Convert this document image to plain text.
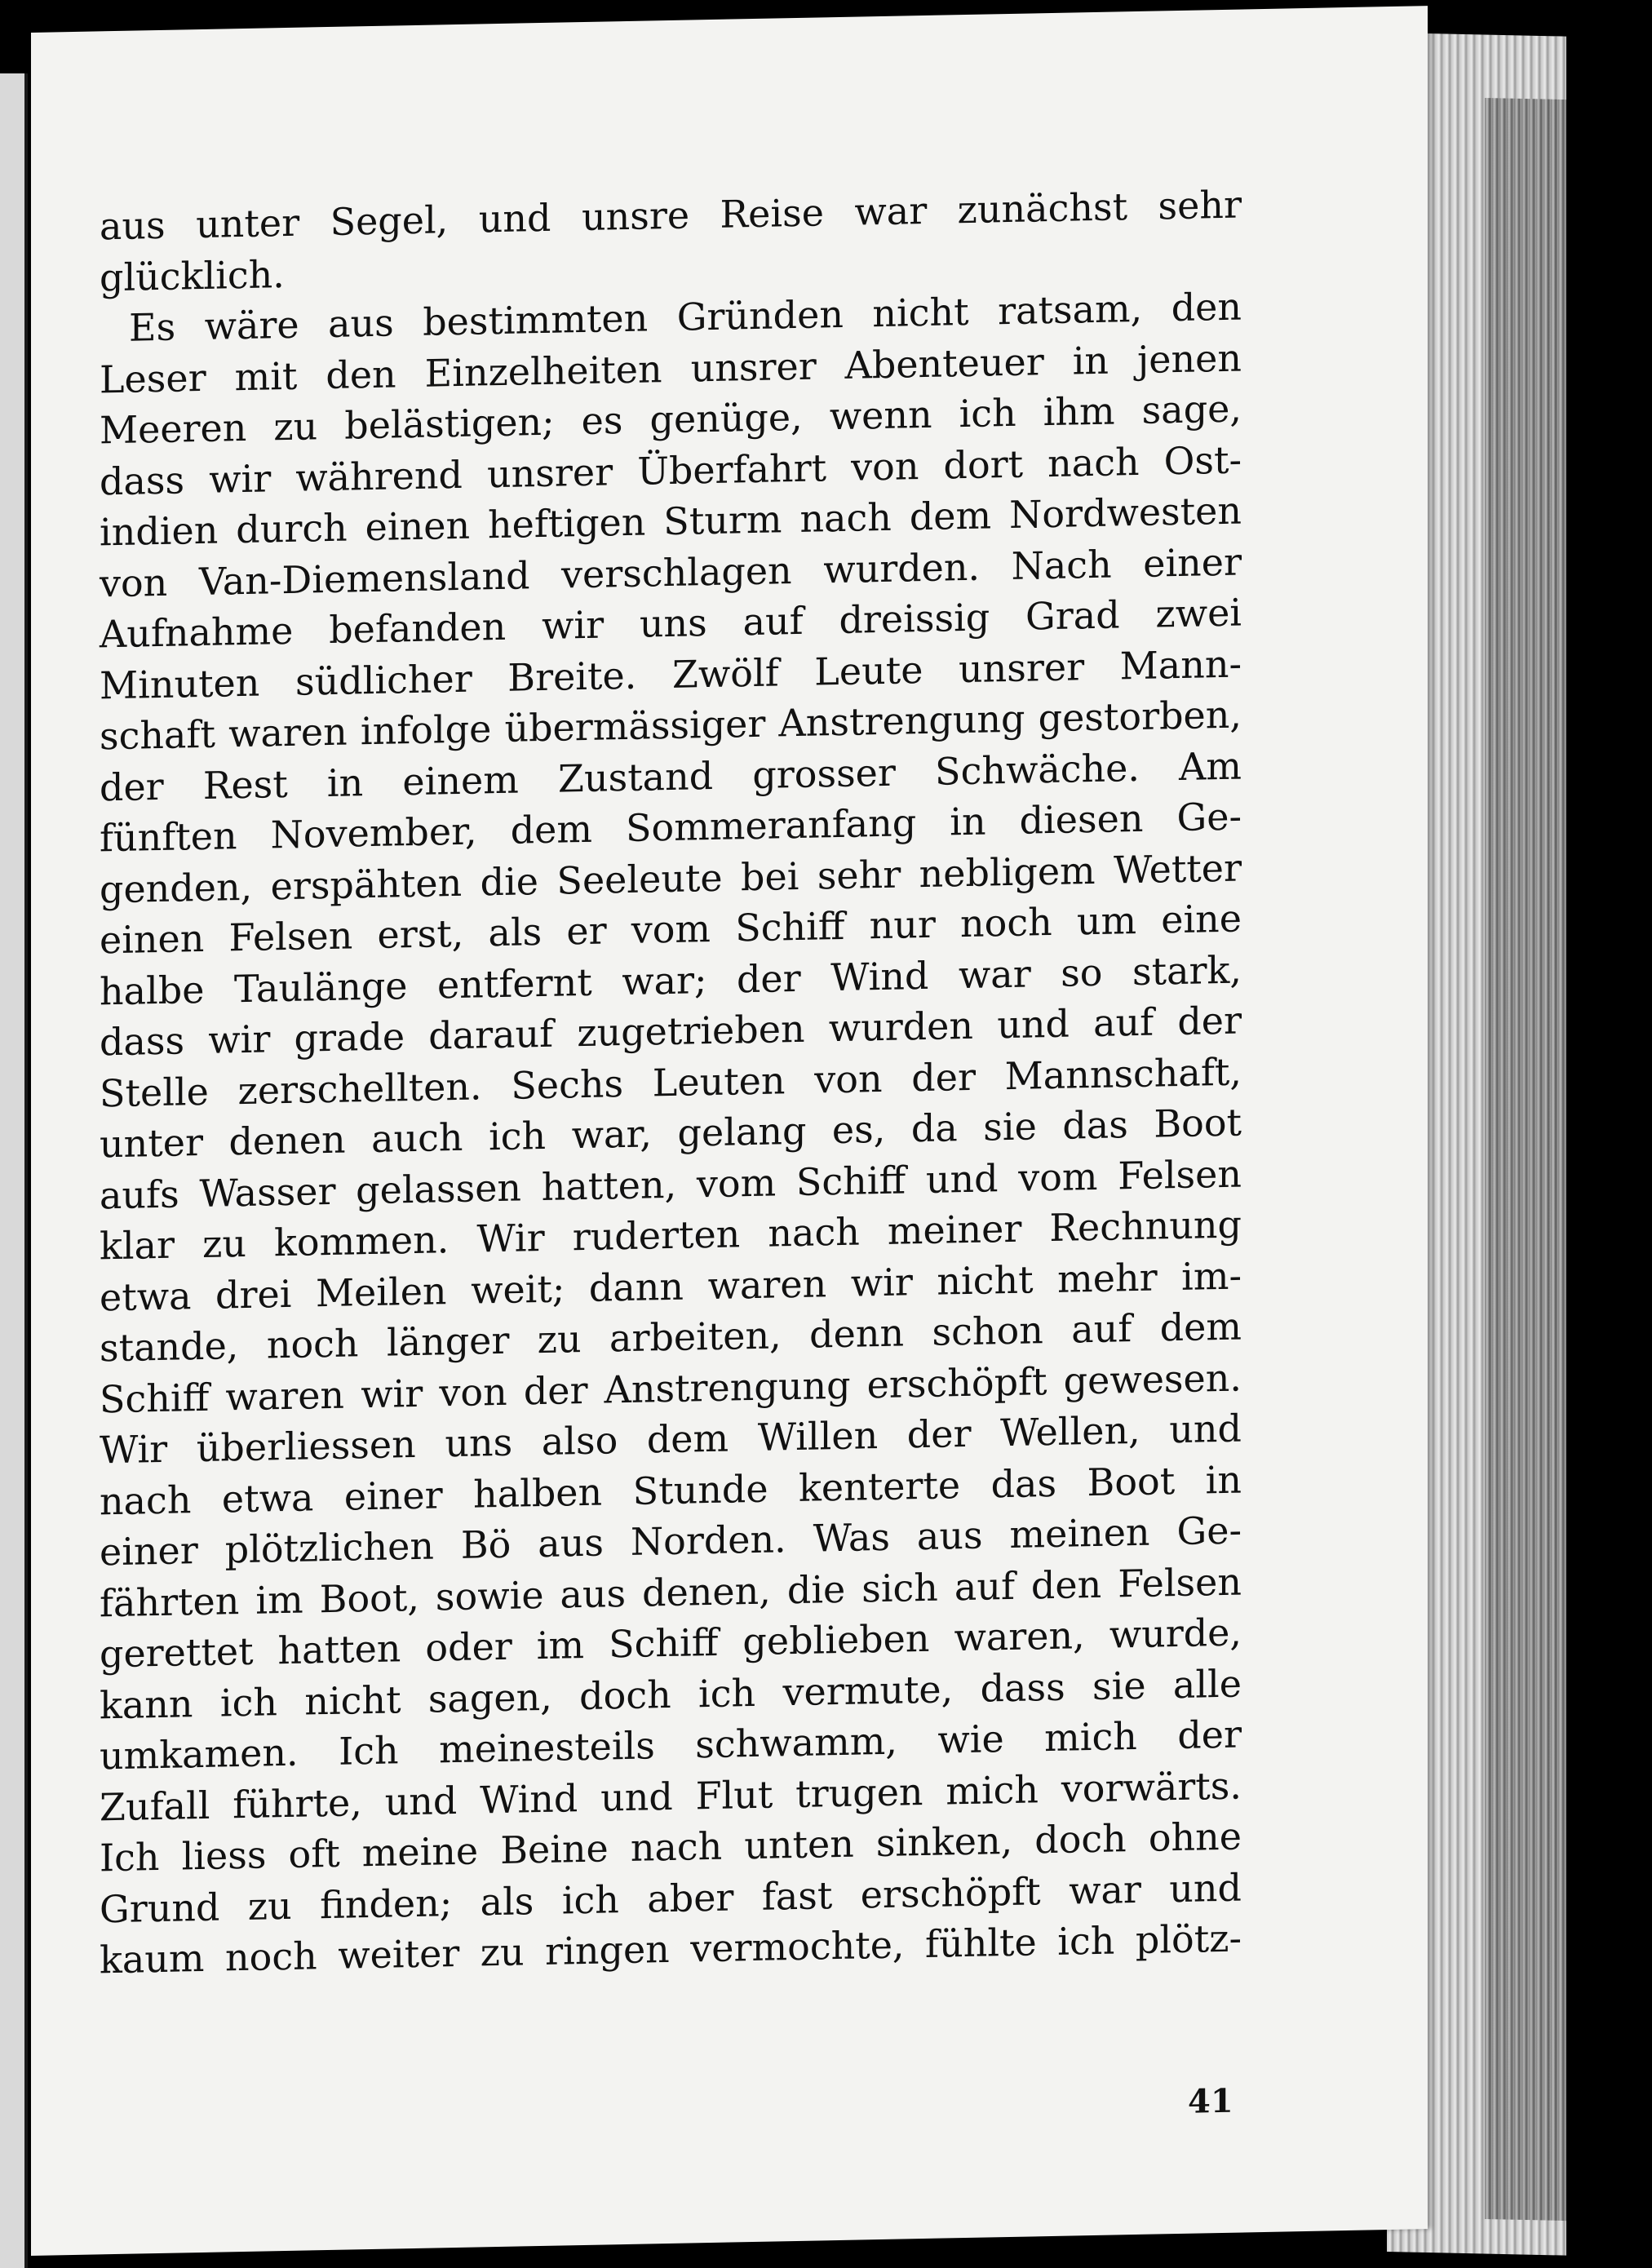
aus unter Segel, und unsre Reise war zunächst sehr
glücklich.
Es wäre aus bestimmten Gründen nicht ratsam, den
Leser mit den Einzelheiten unsrer Abenteuer in jenen
Meeren zu belästigen; es genüge, wenn ich ihm sage,
dass wir während unsrer Überfahrt von dort nach Ost-
indien durch einen heftigen Sturm nach dem Nordwesten
von Van-Diemensland verschlagen wurden. Nach einer
Aufnahme befanden wir uns auf dreissig Grad zwei
Minuten südlicher Breite. Zwölf Leute unsrer Mann-
schaft waren infolge übermässiger Anstrengung gestorben,
der Rest in einem Zustand grosser Schwäche. Am
fünften November, dem Sommeranfang in diesen Ge-
genden, erspähten die Seeleute bei sehr nebligem Wetter
einen Felsen erst, als er vom Schiff nur noch um eine
halbe Taulänge entfernt war; der Wind war so stark,
dass wir grade darauf zugetrieben wurden und auf der
Stelle zerschellten. Sechs Leuten von der Mannschaft,
unter denen auch ich war, gelang es, da sie das Boot
aufs Wasser gelassen hatten, vom Schiff und vom Felsen
klar zu kommen. Wir ruderten nach meiner Rechnung
etwa drei Meilen weit; dann waren wir nicht mehr im-
stande, noch länger zu arbeiten, denn schon auf dem
Schiff waren wir von der Anstrengung erschöpft gewesen.
Wir überliessen uns also dem Willen der Wellen, und
nach etwa einer halben Stunde kenterte das Boot in
einer plötzlichen Bö aus Norden. Was aus meinen Ge-
fährten im Boot, sowie aus denen, die sich auf den Felsen
gerettet hatten oder im Schiff geblieben waren, wurde,
kann ich nicht sagen, doch ich vermute, dass sie alle
umkamen. Ich meinesteils schwamm, wie mich der
Zufall führte, und Wind und Flut trugen mich vorwärts.
Ich liess oft meine Beine nach unten sinken, doch ohne
Grund zu finden; als ich aber fast erschöpft war und
kaum noch weiter zu ringen vermochte, fühlte ich plötz-
41
